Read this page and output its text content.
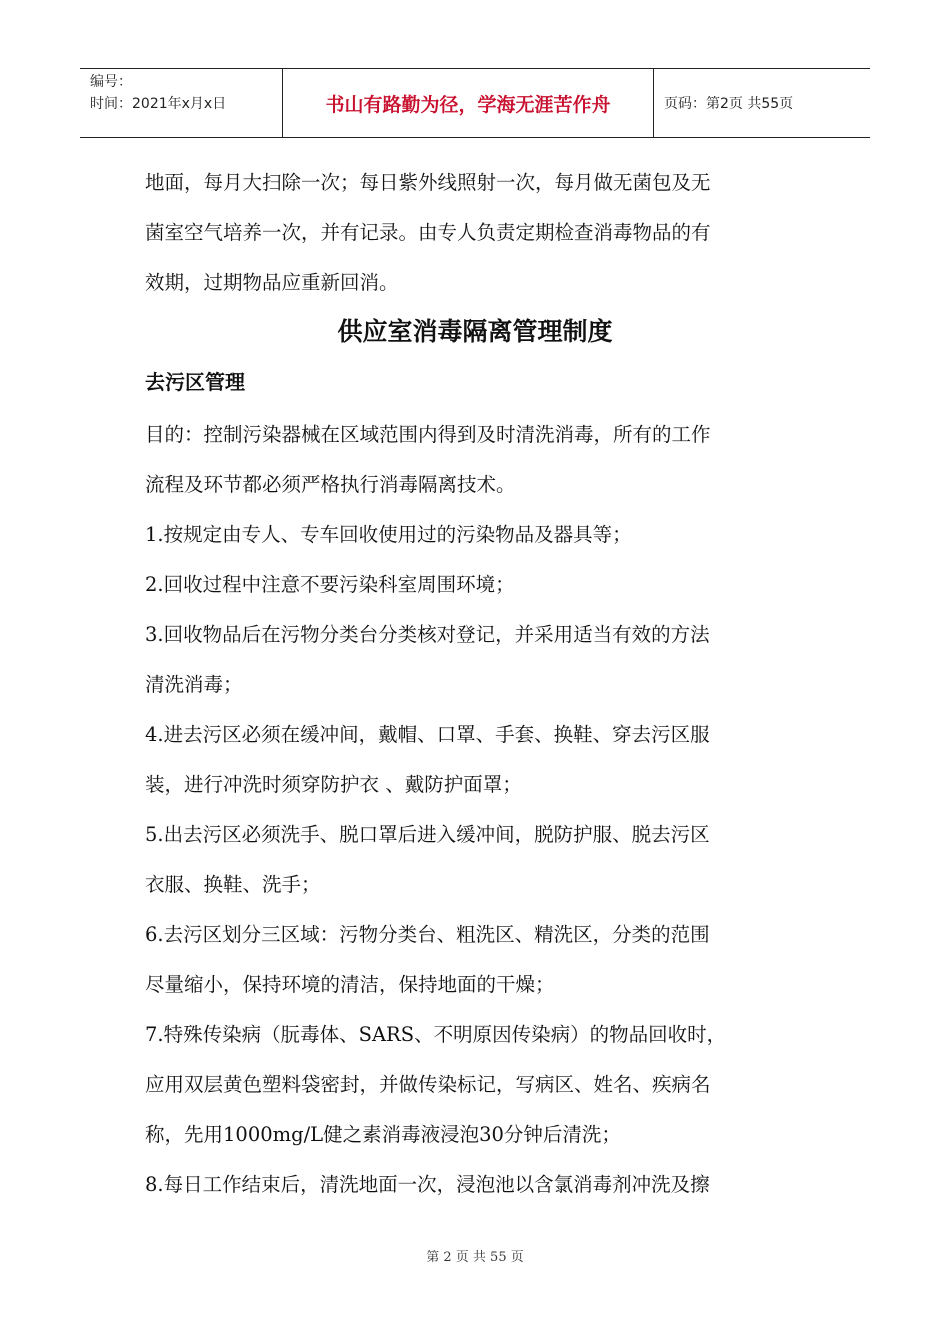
编号：
时间：2021年x月x日	书山有路勤为径，学海无涯苦作舟	页码：第2页 共55页
地面，每月大扫除一次；每日紫外线照射一次，每月做无菌包及无
菌室空气培养一次，并有记录。由专人负责定期检查消毒物品的有
效期，过期物品应重新回消。
供应室消毒隔离管理制度
去污区管理
目的：控制污染器械在区域范围内得到及时清洗消毒，所有的工作
流程及环节都必须严格执行消毒隔离技术。
1.按规定由专人、专车回收使用过的污染物品及器具等；
2.回收过程中注意不要污染科室周围环境；
3.回收物品后在污物分类台分类核对登记，并采用适当有效的方法
清洗消毒；
4.进去污区必须在缓冲间，戴帽、口罩、手套、换鞋、穿去污区服
装，进行冲洗时须穿防护衣 、戴防护面罩；
5.出去污区必须洗手、脱口罩后进入缓冲间，脱防护服、脱去污区
衣服、换鞋、洗手；
6.去污区划分三区域：污物分类台、粗洗区、精洗区，分类的范围
尽量缩小，保持环境的清洁，保持地面的干燥；
7.特殊传染病（朊毒体、SARS、不明原因传染病）的物品回收时，
应用双层黄色塑料袋密封，并做传染标记，写病区、姓名、疾病名
称，先用1000mg/L健之素消毒液浸泡30分钟后清洗；
8.每日工作结束后，清洗地面一次，浸泡池以含氯消毒剂冲洗及擦
第 2 页 共 55 页
